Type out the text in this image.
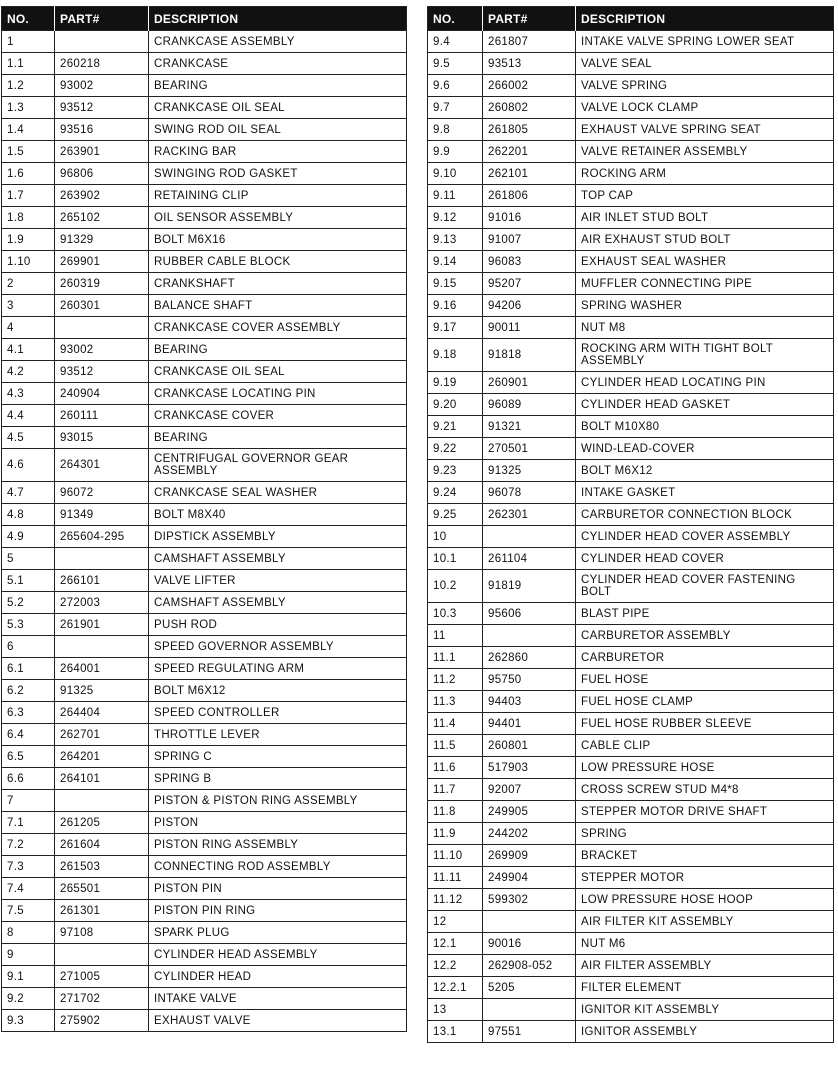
NO.	PART#	DESCRIPTION
1		CRANKCASE ASSEMBLY
1.1	260218	CRANKCASE
1.2	93002	BEARING
1.3	93512	CRANKCASE OIL SEAL
1.4	93516	SWING ROD OIL SEAL
1.5	263901	RACKING BAR
1.6	96806	SWINGING ROD GASKET
1.7	263902	RETAINING CLIP
1.8	265102	OIL SENSOR ASSEMBLY
1.9	91329	BOLT M6X16
1.10	269901	RUBBER CABLE BLOCK
2	260319	CRANKSHAFT
3	260301	BALANCE SHAFT
4		CRANKCASE COVER ASSEMBLY
4.1	93002	BEARING
4.2	93512	CRANKCASE OIL SEAL
4.3	240904	CRANKCASE LOCATING PIN
4.4	260111	CRANKCASE COVER
4.5	93015	BEARING
4.6	264301	CENTRIFUGAL GOVERNOR GEAR ASSEMBLY
4.7	96072	CRANKCASE SEAL WASHER
4.8	91349	BOLT M8X40
4.9	265604-295	DIPSTICK ASSEMBLY
5		CAMSHAFT ASSEMBLY
5.1	266101	VALVE LIFTER
5.2	272003	CAMSHAFT ASSEMBLY
5.3	261901	PUSH ROD
6		SPEED GOVERNOR ASSEMBLY
6.1	264001	SPEED REGULATING ARM
6.2	91325	BOLT M6X12
6.3	264404	SPEED CONTROLLER
6.4	262701	THROTTLE LEVER
6.5	264201	SPRING C
6.6	264101	SPRING B
7		PISTON & PISTON RING ASSEMBLY
7.1	261205	PISTON
7.2	261604	PISTON RING ASSEMBLY
7.3	261503	CONNECTING ROD ASSEMBLY
7.4	265501	PISTON PIN
7.5	261301	PISTON PIN RING
8	97108	SPARK PLUG
9		CYLINDER HEAD ASSEMBLY
9.1	271005	CYLINDER HEAD
9.2	271702	INTAKE VALVE
9.3	275902	EXHAUST VALVE
NO.	PART#	DESCRIPTION
9.4	261807	INTAKE VALVE SPRING LOWER SEAT
9.5	93513	VALVE SEAL
9.6	266002	VALVE SPRING
9.7	260802	VALVE LOCK CLAMP
9.8	261805	EXHAUST VALVE SPRING SEAT
9.9	262201	VALVE RETAINER ASSEMBLY
9.10	262101	ROCKING ARM
9.11	261806	TOP CAP
9.12	91016	AIR INLET STUD BOLT
9.13	91007	AIR EXHAUST STUD BOLT
9.14	96083	EXHAUST SEAL WASHER
9.15	95207	MUFFLER CONNECTING PIPE
9.16	94206	SPRING WASHER
9.17	90011	NUT M8
9.18	91818	ROCKING ARM WITH TIGHT BOLT ASSEMBLY
9.19	260901	CYLINDER HEAD LOCATING PIN
9.20	96089	CYLINDER HEAD GASKET
9.21	91321	BOLT M10X80
9.22	270501	WIND-LEAD-COVER
9.23	91325	BOLT M6X12
9.24	96078	INTAKE GASKET
9.25	262301	CARBURETOR CONNECTION BLOCK
10		CYLINDER HEAD COVER ASSEMBLY
10.1	261104	CYLINDER HEAD COVER
10.2	91819	CYLINDER HEAD COVER FASTENING BOLT
10.3	95606	BLAST PIPE
11		CARBURETOR ASSEMBLY
11.1	262860	CARBURETOR
11.2	95750	FUEL HOSE
11.3	94403	FUEL HOSE CLAMP
11.4	94401	FUEL HOSE RUBBER SLEEVE
11.5	260801	CABLE CLIP
11.6	517903	LOW PRESSURE HOSE
11.7	92007	CROSS SCREW STUD M4*8
11.8	249905	STEPPER MOTOR DRIVE SHAFT
11.9	244202	SPRING
11.10	269909	BRACKET
11.11	249904	STEPPER MOTOR
11.12	599302	LOW PRESSURE HOSE HOOP
12		AIR FILTER KIT ASSEMBLY
12.1	90016	NUT M6
12.2	262908-052	AIR FILTER ASSEMBLY
12.2.1	5205	FILTER ELEMENT
13		IGNITOR KIT ASSEMBLY
13.1	97551	IGNITOR ASSEMBLY
